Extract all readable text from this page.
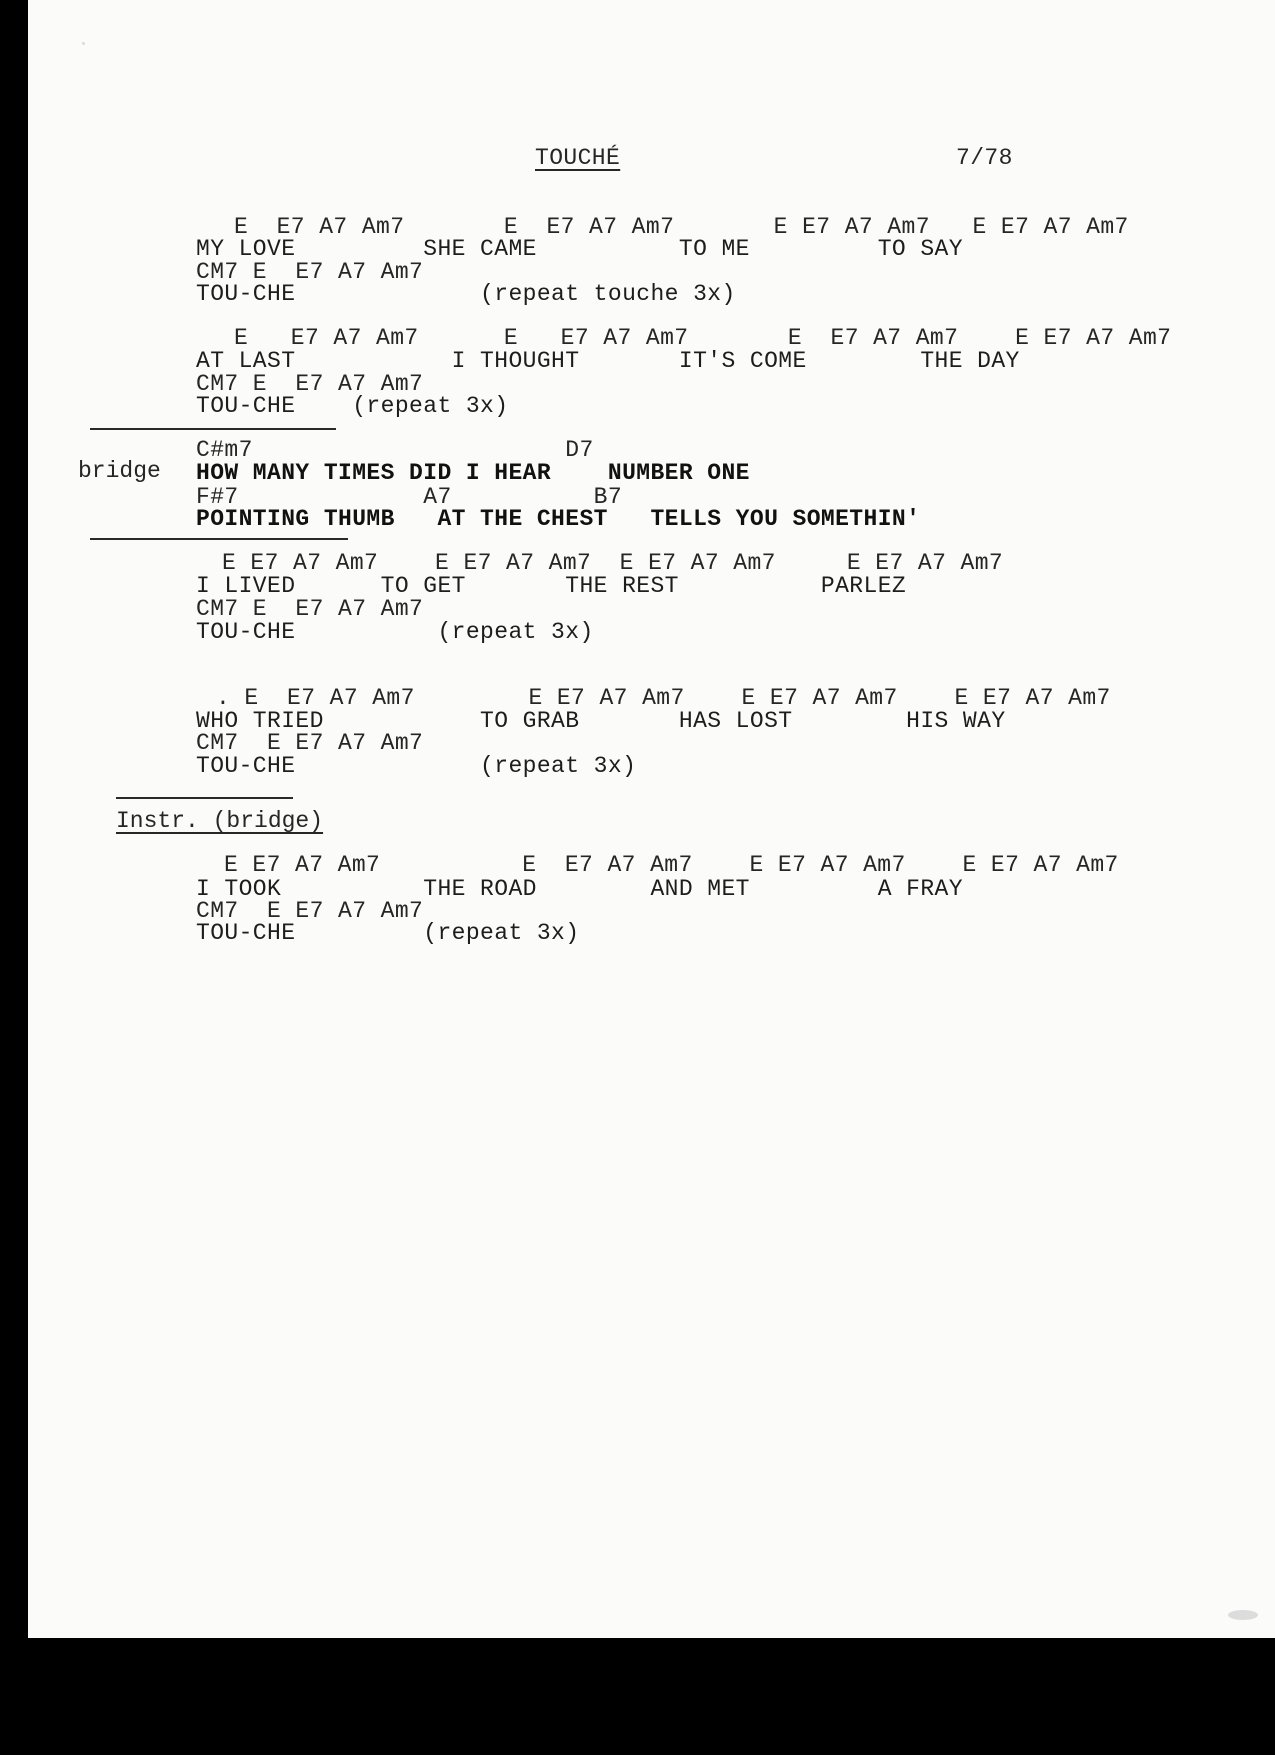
TOUCHÉ	7/78
E  E7 A7 Am7       E  E7 A7 Am7       E E7 A7 Am7   E E7 A7 Am7
MY LOVE         SHE CAME          TO ME         TO SAY
CM7 E  E7 A7 Am7
TOU-CHE             (repeat touche 3x)
E   E7 A7 Am7      E   E7 A7 Am7       E  E7 A7 Am7    E E7 A7 Am7
AT LAST           I THOUGHT       IT'S COME        THE DAY
CM7 E  E7 A7 Am7
TOU-CHE    (repeat 3x)
bridge
C#m7                      D7
HOW MANY TIMES DID I HEAR    NUMBER ONE
F#7             A7          B7
POINTING THUMB   AT THE CHEST   TELLS YOU SOMETHIN'
E E7 A7 Am7    E E7 A7 Am7  E E7 A7 Am7     E E7 A7 Am7
I LIVED      TO GET       THE REST          PARLEZ
CM7 E  E7 A7 Am7
TOU-CHE          (repeat 3x)
. E  E7 A7 Am7        E E7 A7 Am7    E E7 A7 Am7    E E7 A7 Am7
WHO TRIED           TO GRAB       HAS LOST        HIS WAY
CM7  E E7 A7 Am7
TOU-CHE             (repeat 3x)
Instr. (bridge)
E E7 A7 Am7          E  E7 A7 Am7    E E7 A7 Am7    E E7 A7 Am7
I TOOK          THE ROAD        AND MET         A FRAY
CM7  E E7 A7 Am7
TOU-CHE         (repeat 3x)
